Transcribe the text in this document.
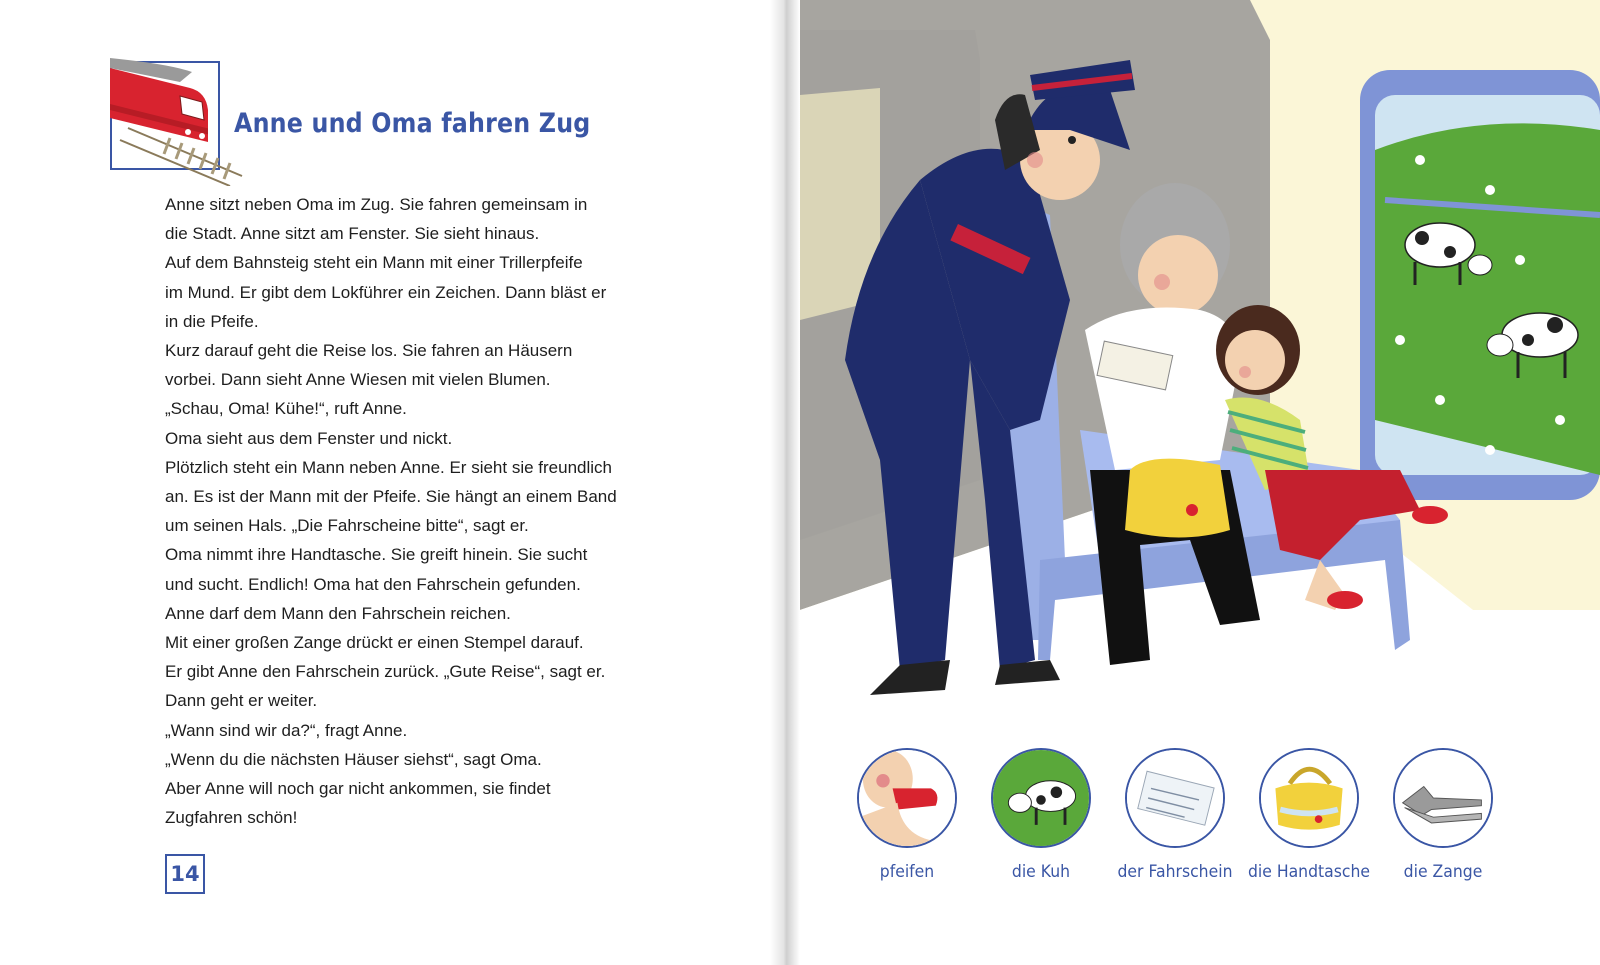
Anne und Oma fahren Zug

Anne sitzt neben Oma im Zug. Sie fahren gemeinsam in

die Stadt. Anne sitzt am Fenster. Sie sieht hinaus.

Auf dem Bahnsteig steht ein Mann mit einer Trillerpfeife

im Mund. Er gibt dem Lokführer ein Zeichen. Dann bläst er

in die Pfeife.

Kurz darauf geht die Reise los. Sie fahren an Häusern

vorbei. Dann sieht Anne Wiesen mit vielen Blumen.

„Schau, Oma! Kühe!“, ruft Anne.

Oma sieht aus dem Fenster und nickt.

Plötzlich steht ein Mann neben Anne. Er sieht sie freundlich

an. Es ist der Mann mit der Pfeife. Sie hängt an einem Band

um seinen Hals. „Die Fahrscheine bitte“, sagt er.

Oma nimmt ihre Handtasche. Sie greift hinein. Sie sucht

und sucht. Endlich! Oma hat den Fahrschein gefunden.

Anne darf dem Mann den Fahrschein reichen.

Mit einer großen Zange drückt er einen Stempel darauf.

Er gibt Anne den Fahrschein zurück. „Gute Reise“, sagt er.

Dann geht er weiter.

„Wann sind wir da?“, fragt Anne.

„Wenn du die nächsten Häuser siehst“, sagt Oma.

Aber Anne will noch gar nicht ankommen, sie findet

Zugfahren schön!

14	pfeifen	die Kuh	der Fahrschein die Handtasche	die Zange
